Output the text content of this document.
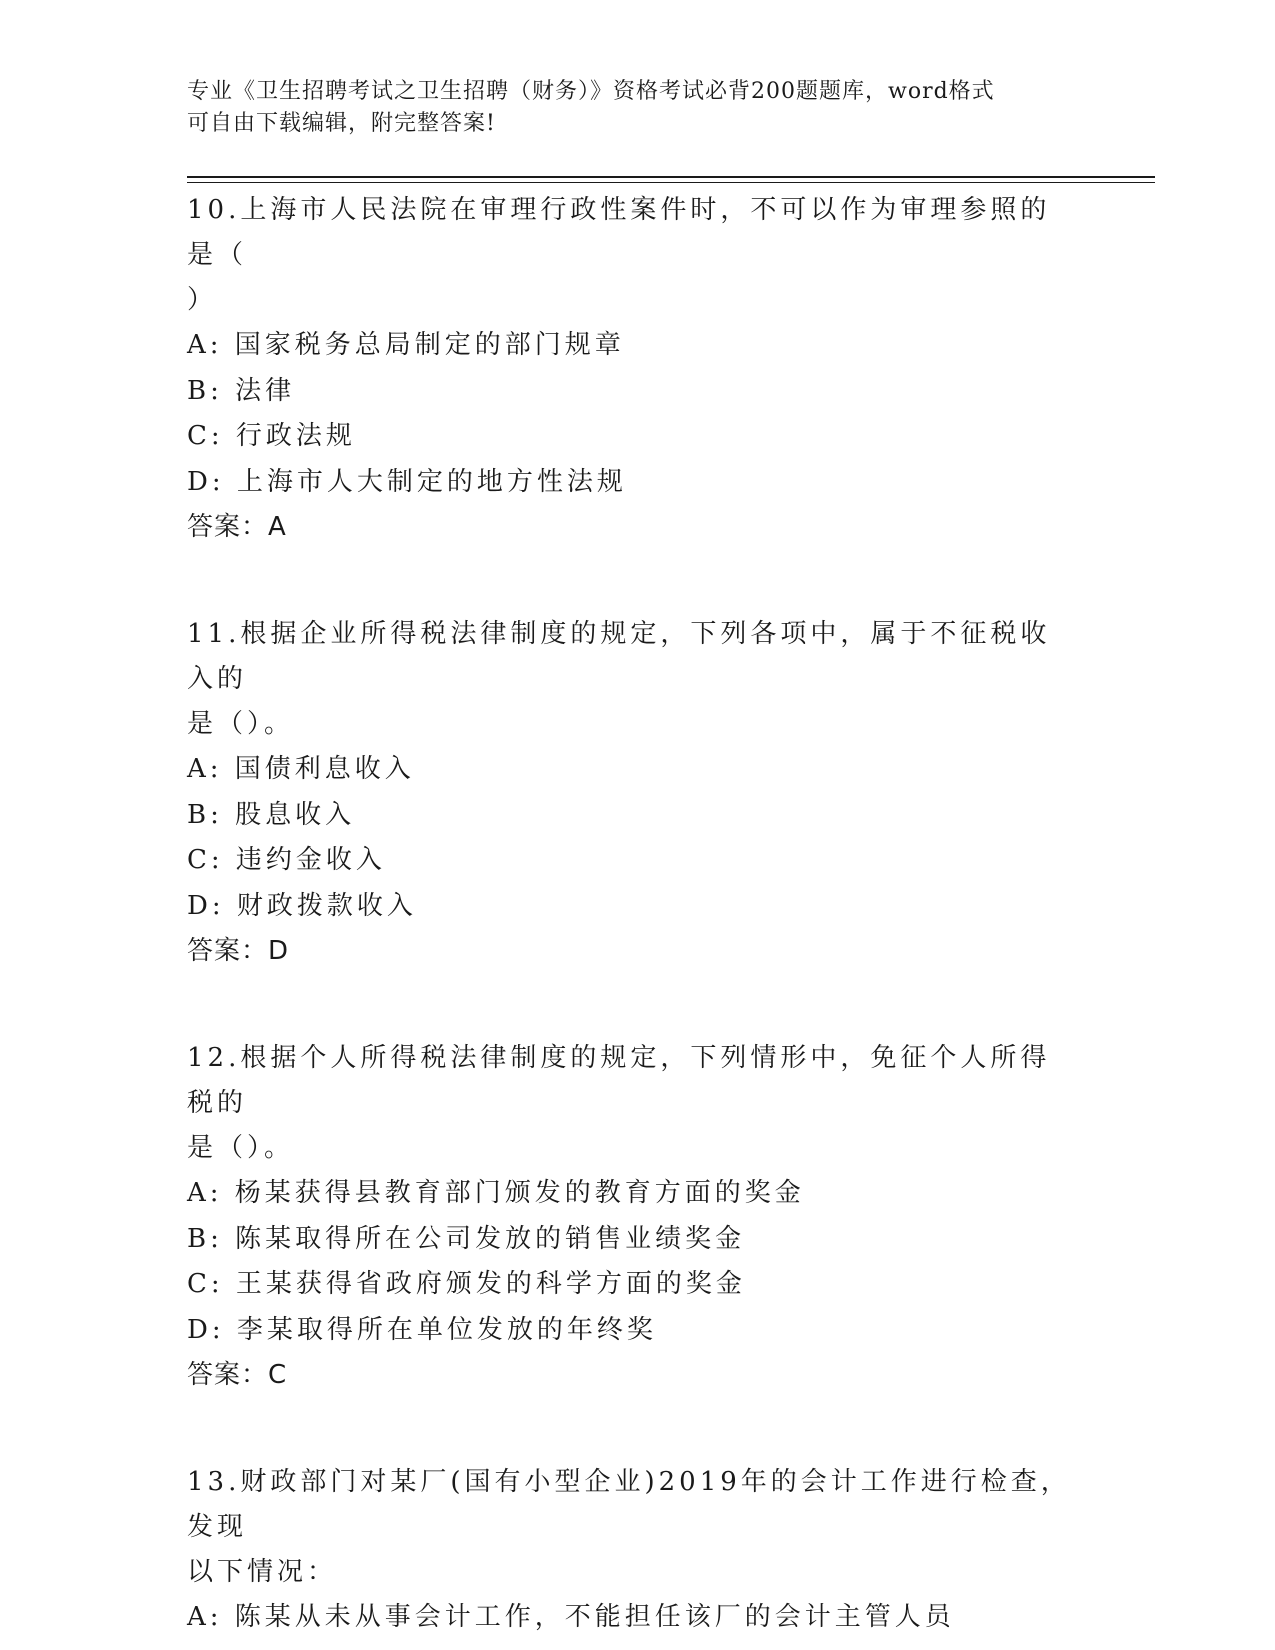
专业《卫生招聘考试之卫生招聘（财务）》资格考试必背200题题库，word格式
可自由下载编辑，附完整答案!
10.上海市人民法院在审理行政性案件时，不可以作为审理参照的是（
）
A: 国家税务总局制定的部门规章
B: 法律
C: 行政法规
D: 上海市人大制定的地方性法规
答案：A
11.根据企业所得税法律制度的规定，下列各项中，属于不征税收入的
是（）。
A: 国债利息收入
B: 股息收入
C: 违约金收入
D: 财政拨款收入
答案：D
12.根据个人所得税法律制度的规定，下列情形中，免征个人所得税的
是（）。
A: 杨某获得县教育部门颁发的教育方面的奖金
B: 陈某取得所在公司发放的销售业绩奖金
C: 王某获得省政府颁发的科学方面的奖金
D: 李某取得所在单位发放的年终奖
答案：C
13.财政部门对某厂(国有小型企业)2019年的会计工作进行检查，发现
以下情况：
A: 陈某从未从事会计工作，不能担任该厂的会计主管人员
